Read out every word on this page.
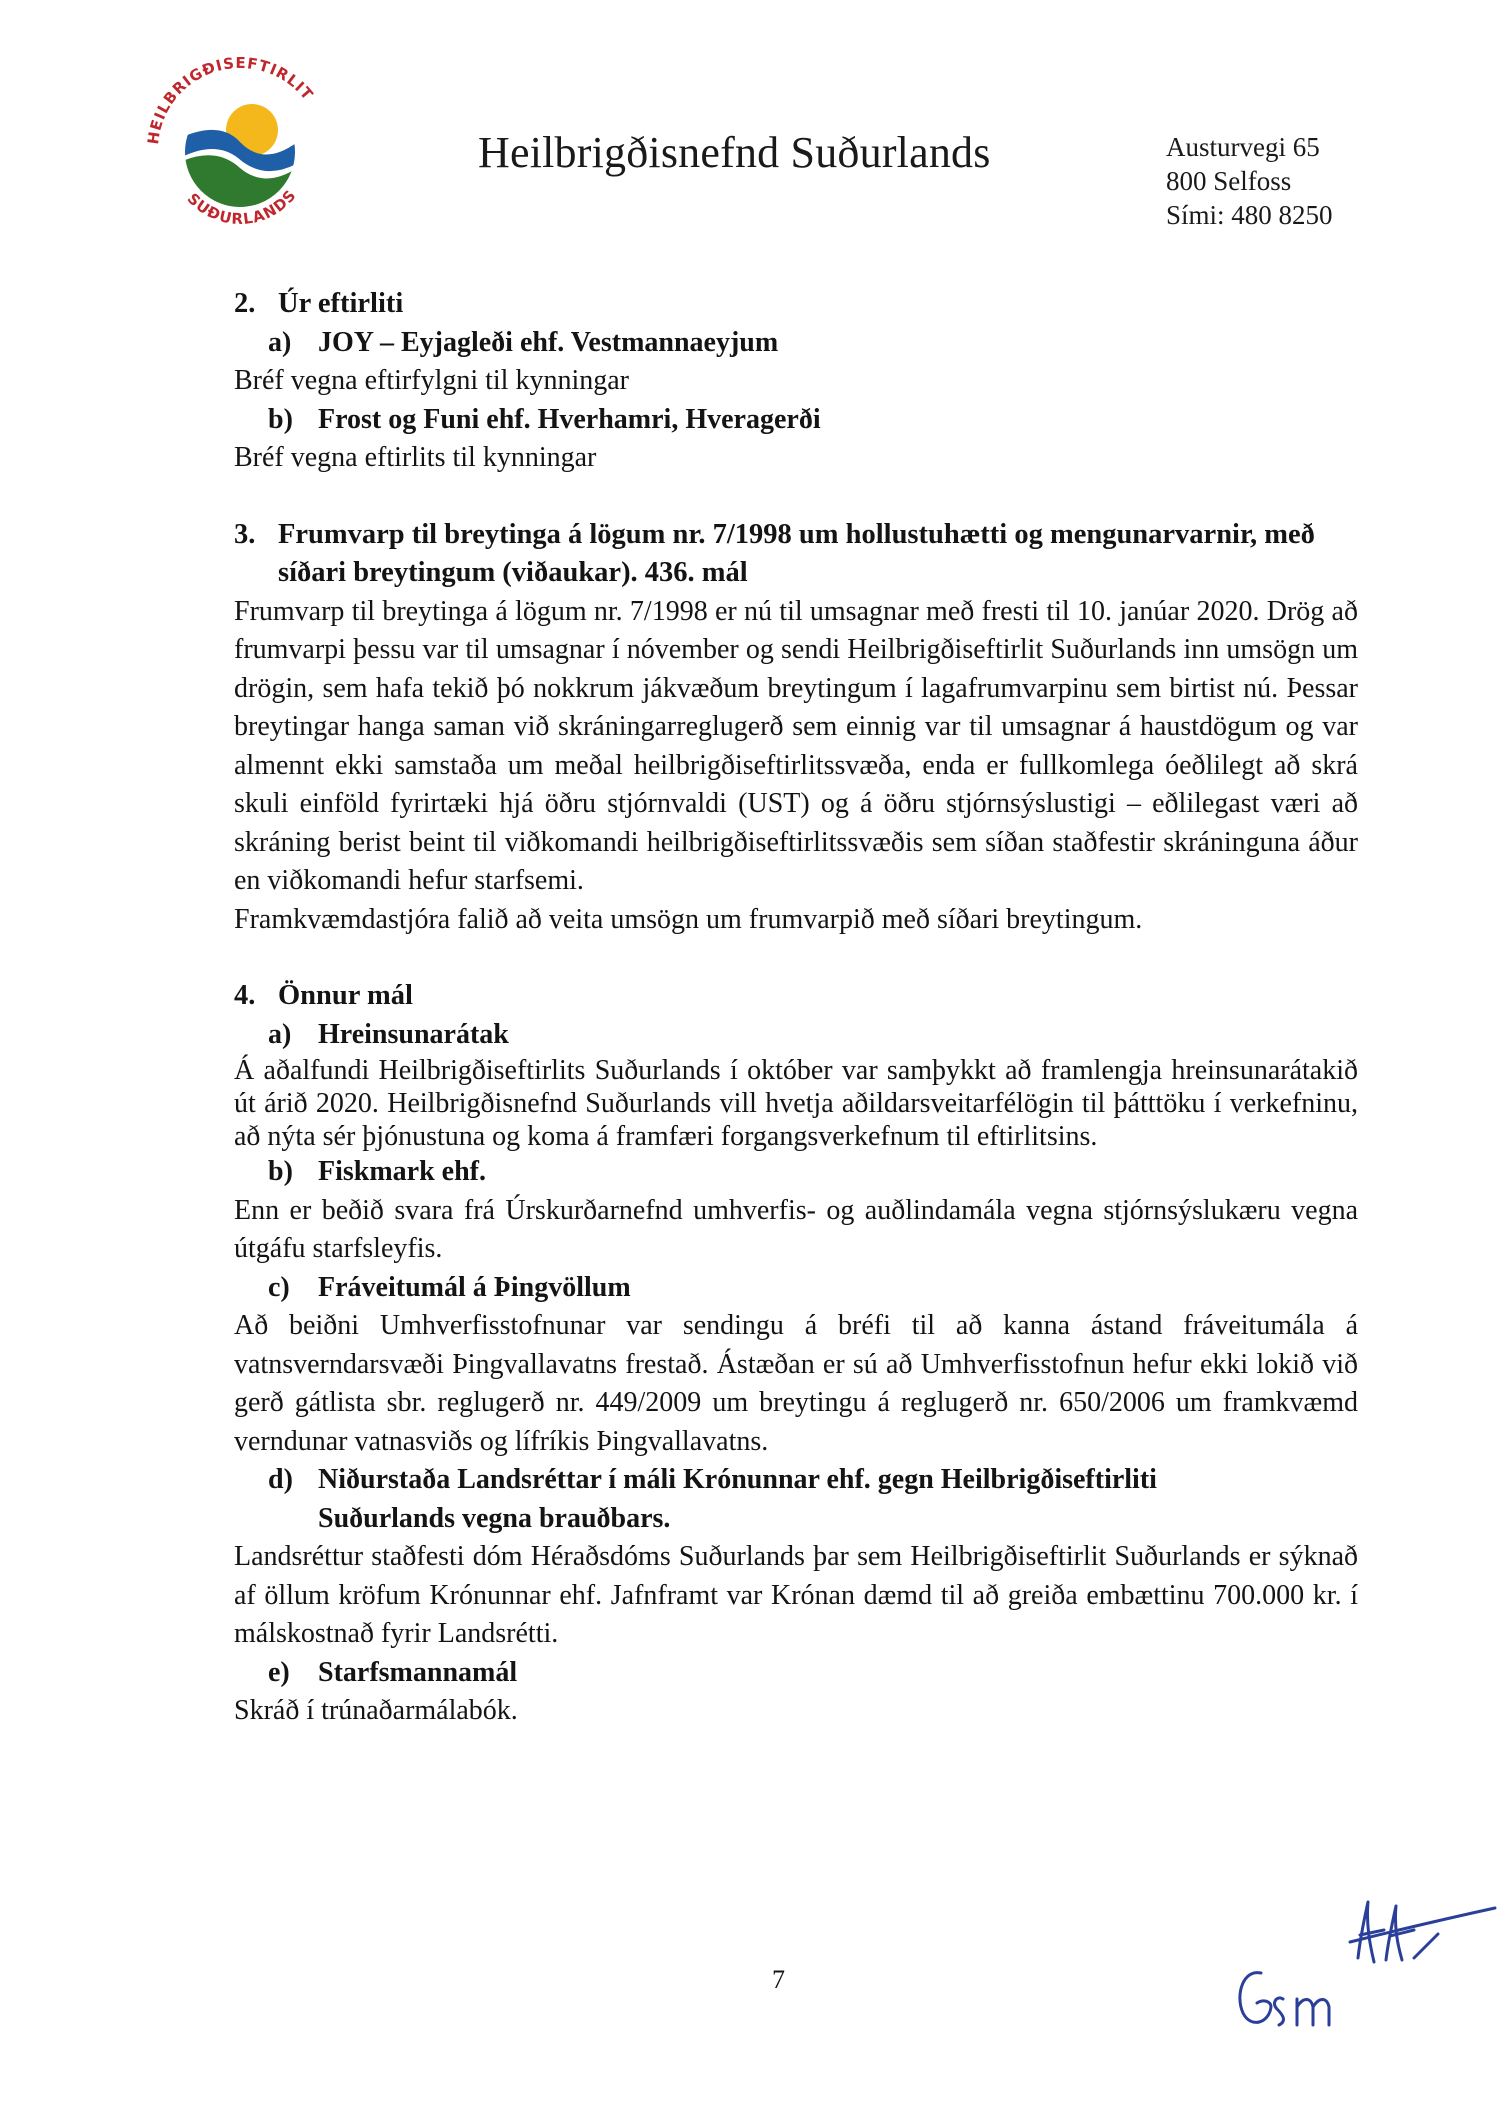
HEILBRIGÐISEFTIRLIT
SUÐURLANDS
Heilbrigðisnefnd Suðurlands	Austurvegi 65
800 Selfoss
Sími: 480 8250
2. Úr eftirliti
a) JOY – Eyjagleði ehf. Vestmannaeyjum

Bréf vegna eftirfylgni til kynningar

b) Frost og Funi ehf. Hverhamri, Hveragerði

Bréf vegna eftirlits til kynningar

3. Frumvarp til breytinga á lögum nr. 7/1998 um hollustuhætti og mengunarvarnir, með síðari breytingum (viðaukar). 436. mál

Frumvarp til breytinga á lögum nr. 7/1998 er nú til umsagnar með fresti til 10. janúar 2020. Drög að frumvarpi þessu var til umsagnar í nóvember og sendi Heilbrigðiseftirlit Suðurlands inn umsögn um drögin, sem hafa tekið þó nokkrum jákvæðum breytingum í lagafrumvarpinu sem birtist nú. Þessar breytingar hanga saman við skráningarreglugerð sem einnig var til umsagnar á haustdögum og var almennt ekki samstaða um meðal heilbrigðiseftirlitssvæða, enda er fullkomlega óeðlilegt að skrá skuli einföld fyrirtæki hjá öðru stjórnvaldi (UST) og á öðru stjórnsýslustigi – eðlilegast væri að skráning berist beint til viðkomandi heilbrigðiseftirlitssvæðis sem síðan staðfestir skráninguna áður en viðkomandi hefur starfsemi.

Framkvæmdastjóra falið að veita umsögn um frumvarpið með síðari breytingum.

4. Önnur mál
a) Hreinsunarátak

Á aðalfundi Heilbrigðiseftirlits Suðurlands í október var samþykkt að framlengja hreinsunarátakið út árið 2020. Heilbrigðisnefnd Suðurlands vill hvetja aðildarsveitarfélögin til þátttöku í verkefninu, að nýta sér þjónustuna og koma á framfæri forgangsverkefnum til eftirlitsins.

b) Fiskmark ehf.

Enn er beðið svara frá Úrskurðarnefnd umhverfis- og auðlindamála vegna stjórnsýslukæru vegna útgáfu starfsleyfis.

c) Fráveitumál á Þingvöllum

Að beiðni Umhverfisstofnunar var sendingu á bréfi til að kanna ástand fráveitumála á vatnsverndarsvæði Þingvallavatns frestað. Ástæðan er sú að Umhverfisstofnun hefur ekki lokið við gerð gátlista sbr. reglugerð nr. 449/2009 um breytingu á reglugerð nr. 650/2006 um framkvæmd verndunar vatnasviðs og lífríkis Þingvallavatns.

d) Niðurstaða Landsréttar í máli Krónunnar ehf. gegn Heilbrigðiseftirliti Suðurlands vegna brauðbars.

Landsréttur staðfesti dóm Héraðsdóms Suðurlands þar sem Heilbrigðiseftirlit Suðurlands er sýknað af öllum kröfum Krónunnar ehf. Jafnframt var Krónan dæmd til að greiða embættinu 700.000 kr. í málskostnað fyrir Landsrétti.

e) Starfsmannamál

Skráð í trúnaðarmálabók.

7
